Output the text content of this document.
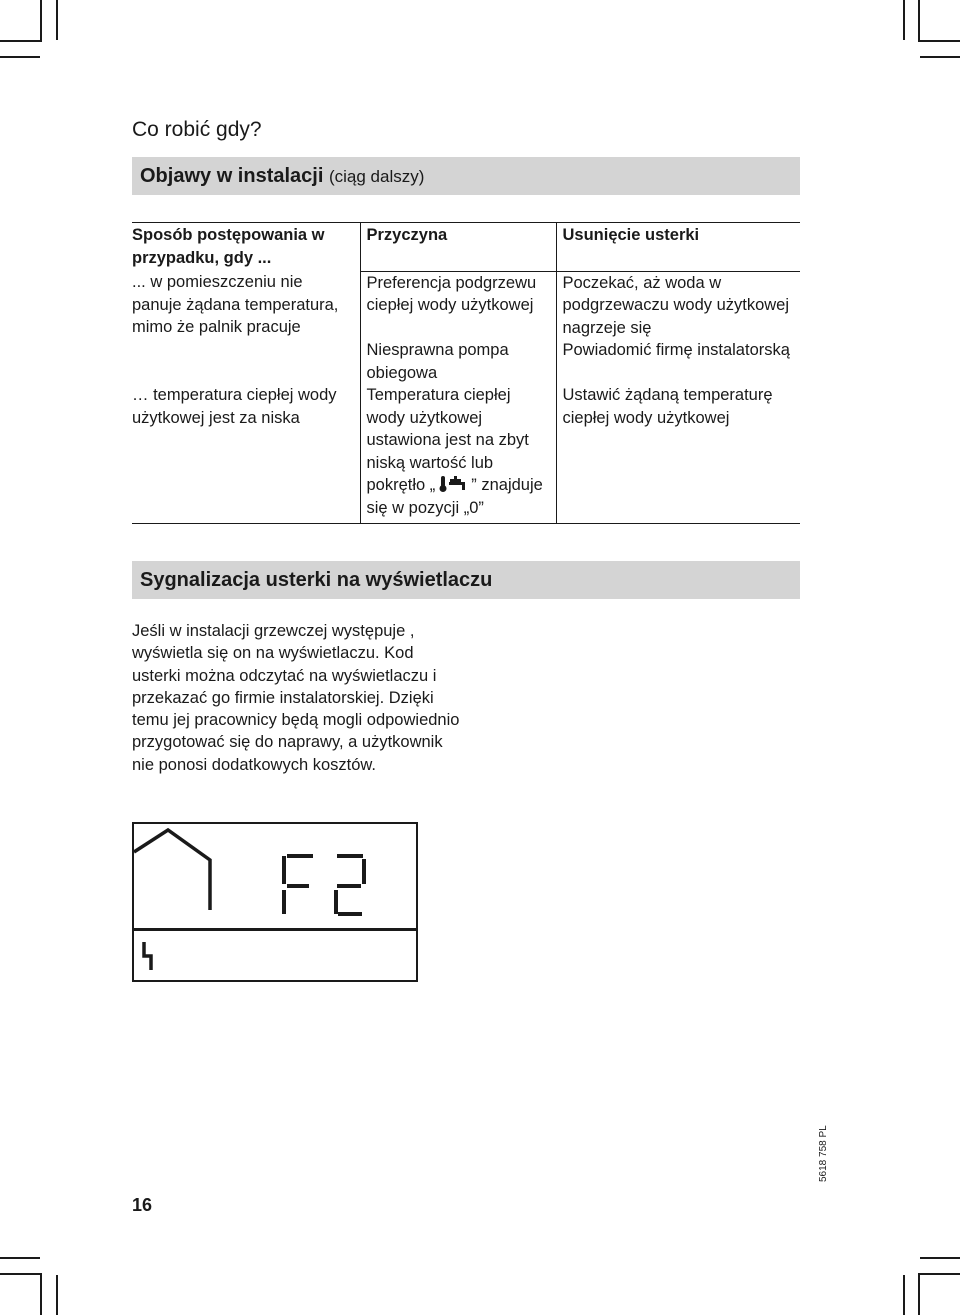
Co robić gdy?
Objawy w instalacji (ciąg dalszy)
Sposób postępowania w przypadku, gdy ...	Przyczyna	Usunięcie usterki
... w pomieszczeniu nie panuje żądana temperatura, mimo że palnik pracuje	Preferencja podgrzewu ciepłej wody użytkowej	Poczekać, aż woda w podgrzewaczu wody użytkowej nagrzeje się
	Niesprawna pompa obiegowa	Powiadomić firmę instalatorską
… temperatura ciepłej wody użytkowej jest za niska	Temperatura ciepłej wody użytkowej ustawiona jest na zbyt niską wartość lub pokrętło „ ” znajduje się w pozycji „0”	Ustawić żądaną temperaturę ciepłej wody użytkowej
Sygnalizacja usterki na wyświetlaczu

Jeśli w instalacji grzewczej występuje , wyświetla się on na wyświetlaczu. Kod usterki można odczytać na wyświetlaczu i przekazać go firmie instalatorskiej. Dzięki temu jej pracownicy będą mogli odpowiednio przygotować się do naprawy, a użytkownik nie ponosi dodatkowych kosztów.

16
5618 758 PL
